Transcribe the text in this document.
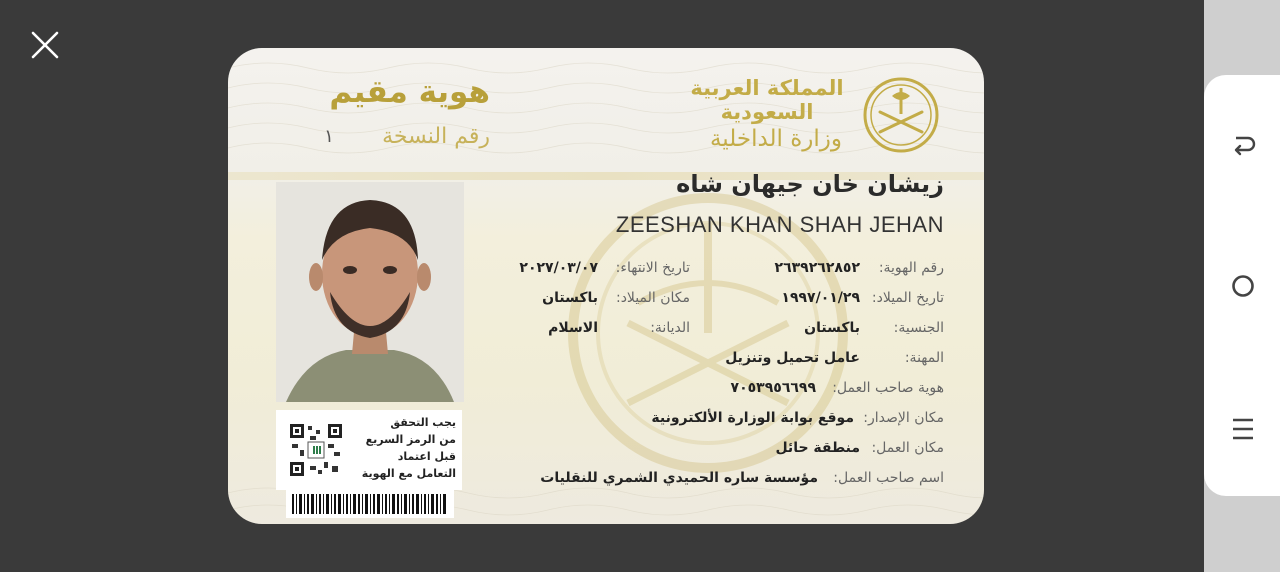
هوية مقيم
رقم النسخة
١
المملكة العربية السعودية
وزارة الداخلية
زيشان خان جيهان شاه
ZEESHAN KHAN SHAH JEHAN
يجب التحقق
من الرمز السريع
قبل اعتماد
التعامل مع الهوية
رقم الهوية:
٢٦٣٩٢٦٢٨٥٢
تاريخ الميلاد:
١٩٩٧/٠١/٢٩
الجنسية:
باكستان
المهنة:
عامل تحميل وتنزيل
هوية صاحب العمل:
٧٠٥٣٩٥٦٦٩٩
مكان الإصدار:
موقع بوابة الوزارة الألكترونية
مكان العمل:
منطقة حائل
اسم صاحب العمل:
مؤسسة ساره الحميدي الشمري للنقليات
تاريخ الانتهاء:
٢٠٢٧/٠٣/٠٧
مكان الميلاد:
باكستان
الديانة:
الاسلام
